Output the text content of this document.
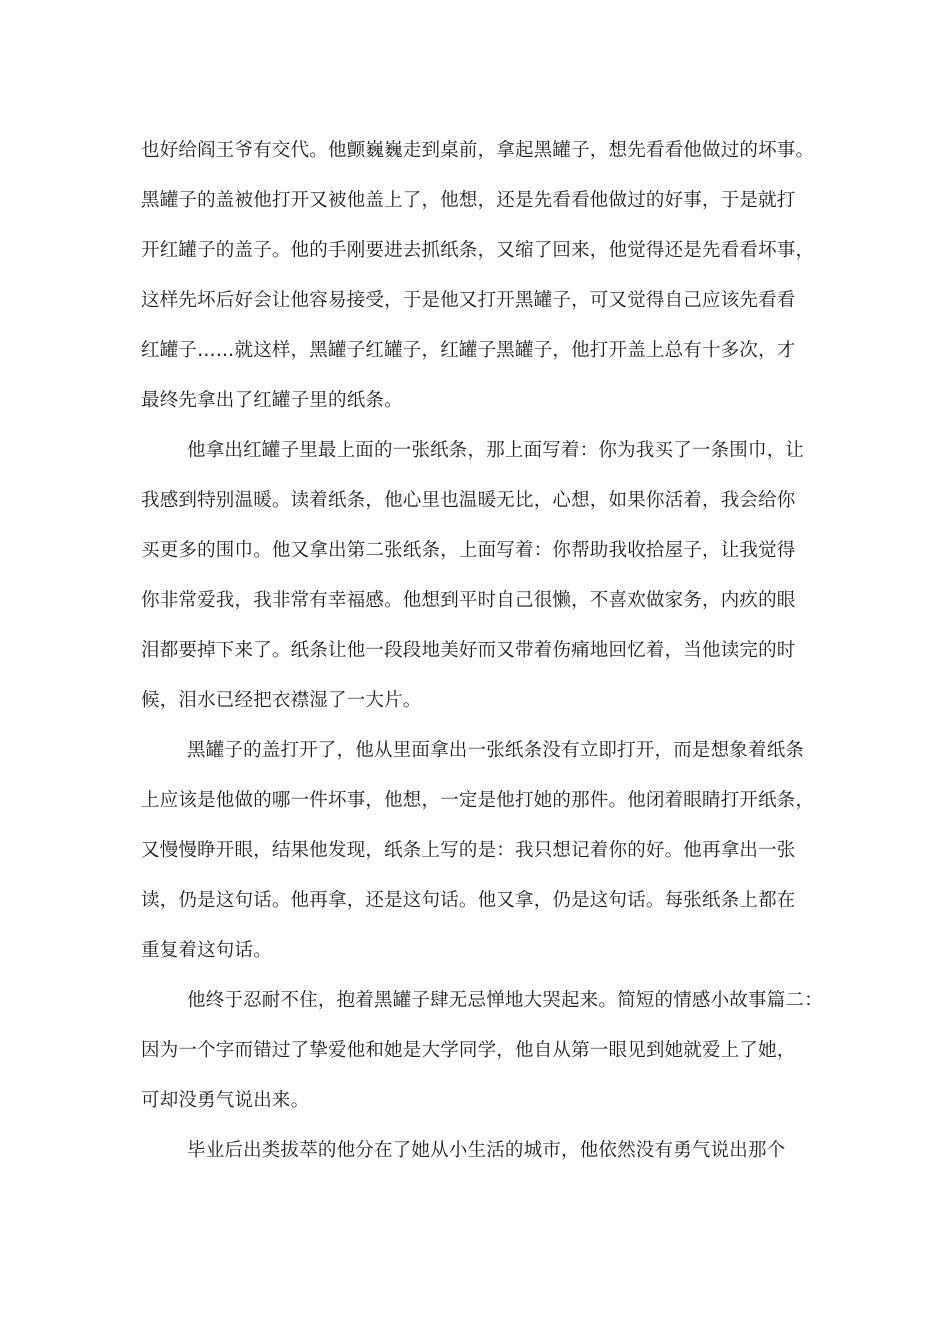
也好给阎王爷有交代。他颤巍巍走到桌前，拿起黑罐子，想先看看他做过的坏事。
黑罐子的盖被他打开又被他盖上了，他想，还是先看看他做过的好事，于是就打
开红罐子的盖子。他的手刚要进去抓纸条，又缩了回来，他觉得还是先看看坏事，
这样先坏后好会让他容易接受，于是他又打开黑罐子，可又觉得自己应该先看看
红罐子……就这样，黑罐子红罐子，红罐子黑罐子，他打开盖上总有十多次，才
最终先拿出了红罐子里的纸条。
他拿出红罐子里最上面的一张纸条，那上面写着：你为我买了一条围巾，让
我感到特别温暖。读着纸条，他心里也温暖无比，心想，如果你活着，我会给你
买更多的围巾。他又拿出第二张纸条，上面写着：你帮助我收拾屋子，让我觉得
你非常爱我，我非常有幸福感。他想到平时自己很懒，不喜欢做家务，内疚的眼
泪都要掉下来了。纸条让他一段段地美好而又带着伤痛地回忆着，当他读完的时
候，泪水已经把衣襟湿了一大片。
黑罐子的盖打开了，他从里面拿出一张纸条没有立即打开，而是想象着纸条
上应该是他做的哪一件坏事，他想，一定是他打她的那件。他闭着眼睛打开纸条，
又慢慢睁开眼，结果他发现，纸条上写的是：我只想记着你的好。他再拿出一张
读，仍是这句话。他再拿，还是这句话。他又拿，仍是这句话。每张纸条上都在
重复着这句话。
他终于忍耐不住，抱着黑罐子肆无忌惮地大哭起来。简短的情感小故事篇二：
因为一个字而错过了挚爱他和她是大学同学，他自从第一眼见到她就爱上了她，
可却没勇气说出来。
毕业后出类拔萃的他分在了她从小生活的城市，他依然没有勇气说出那个
